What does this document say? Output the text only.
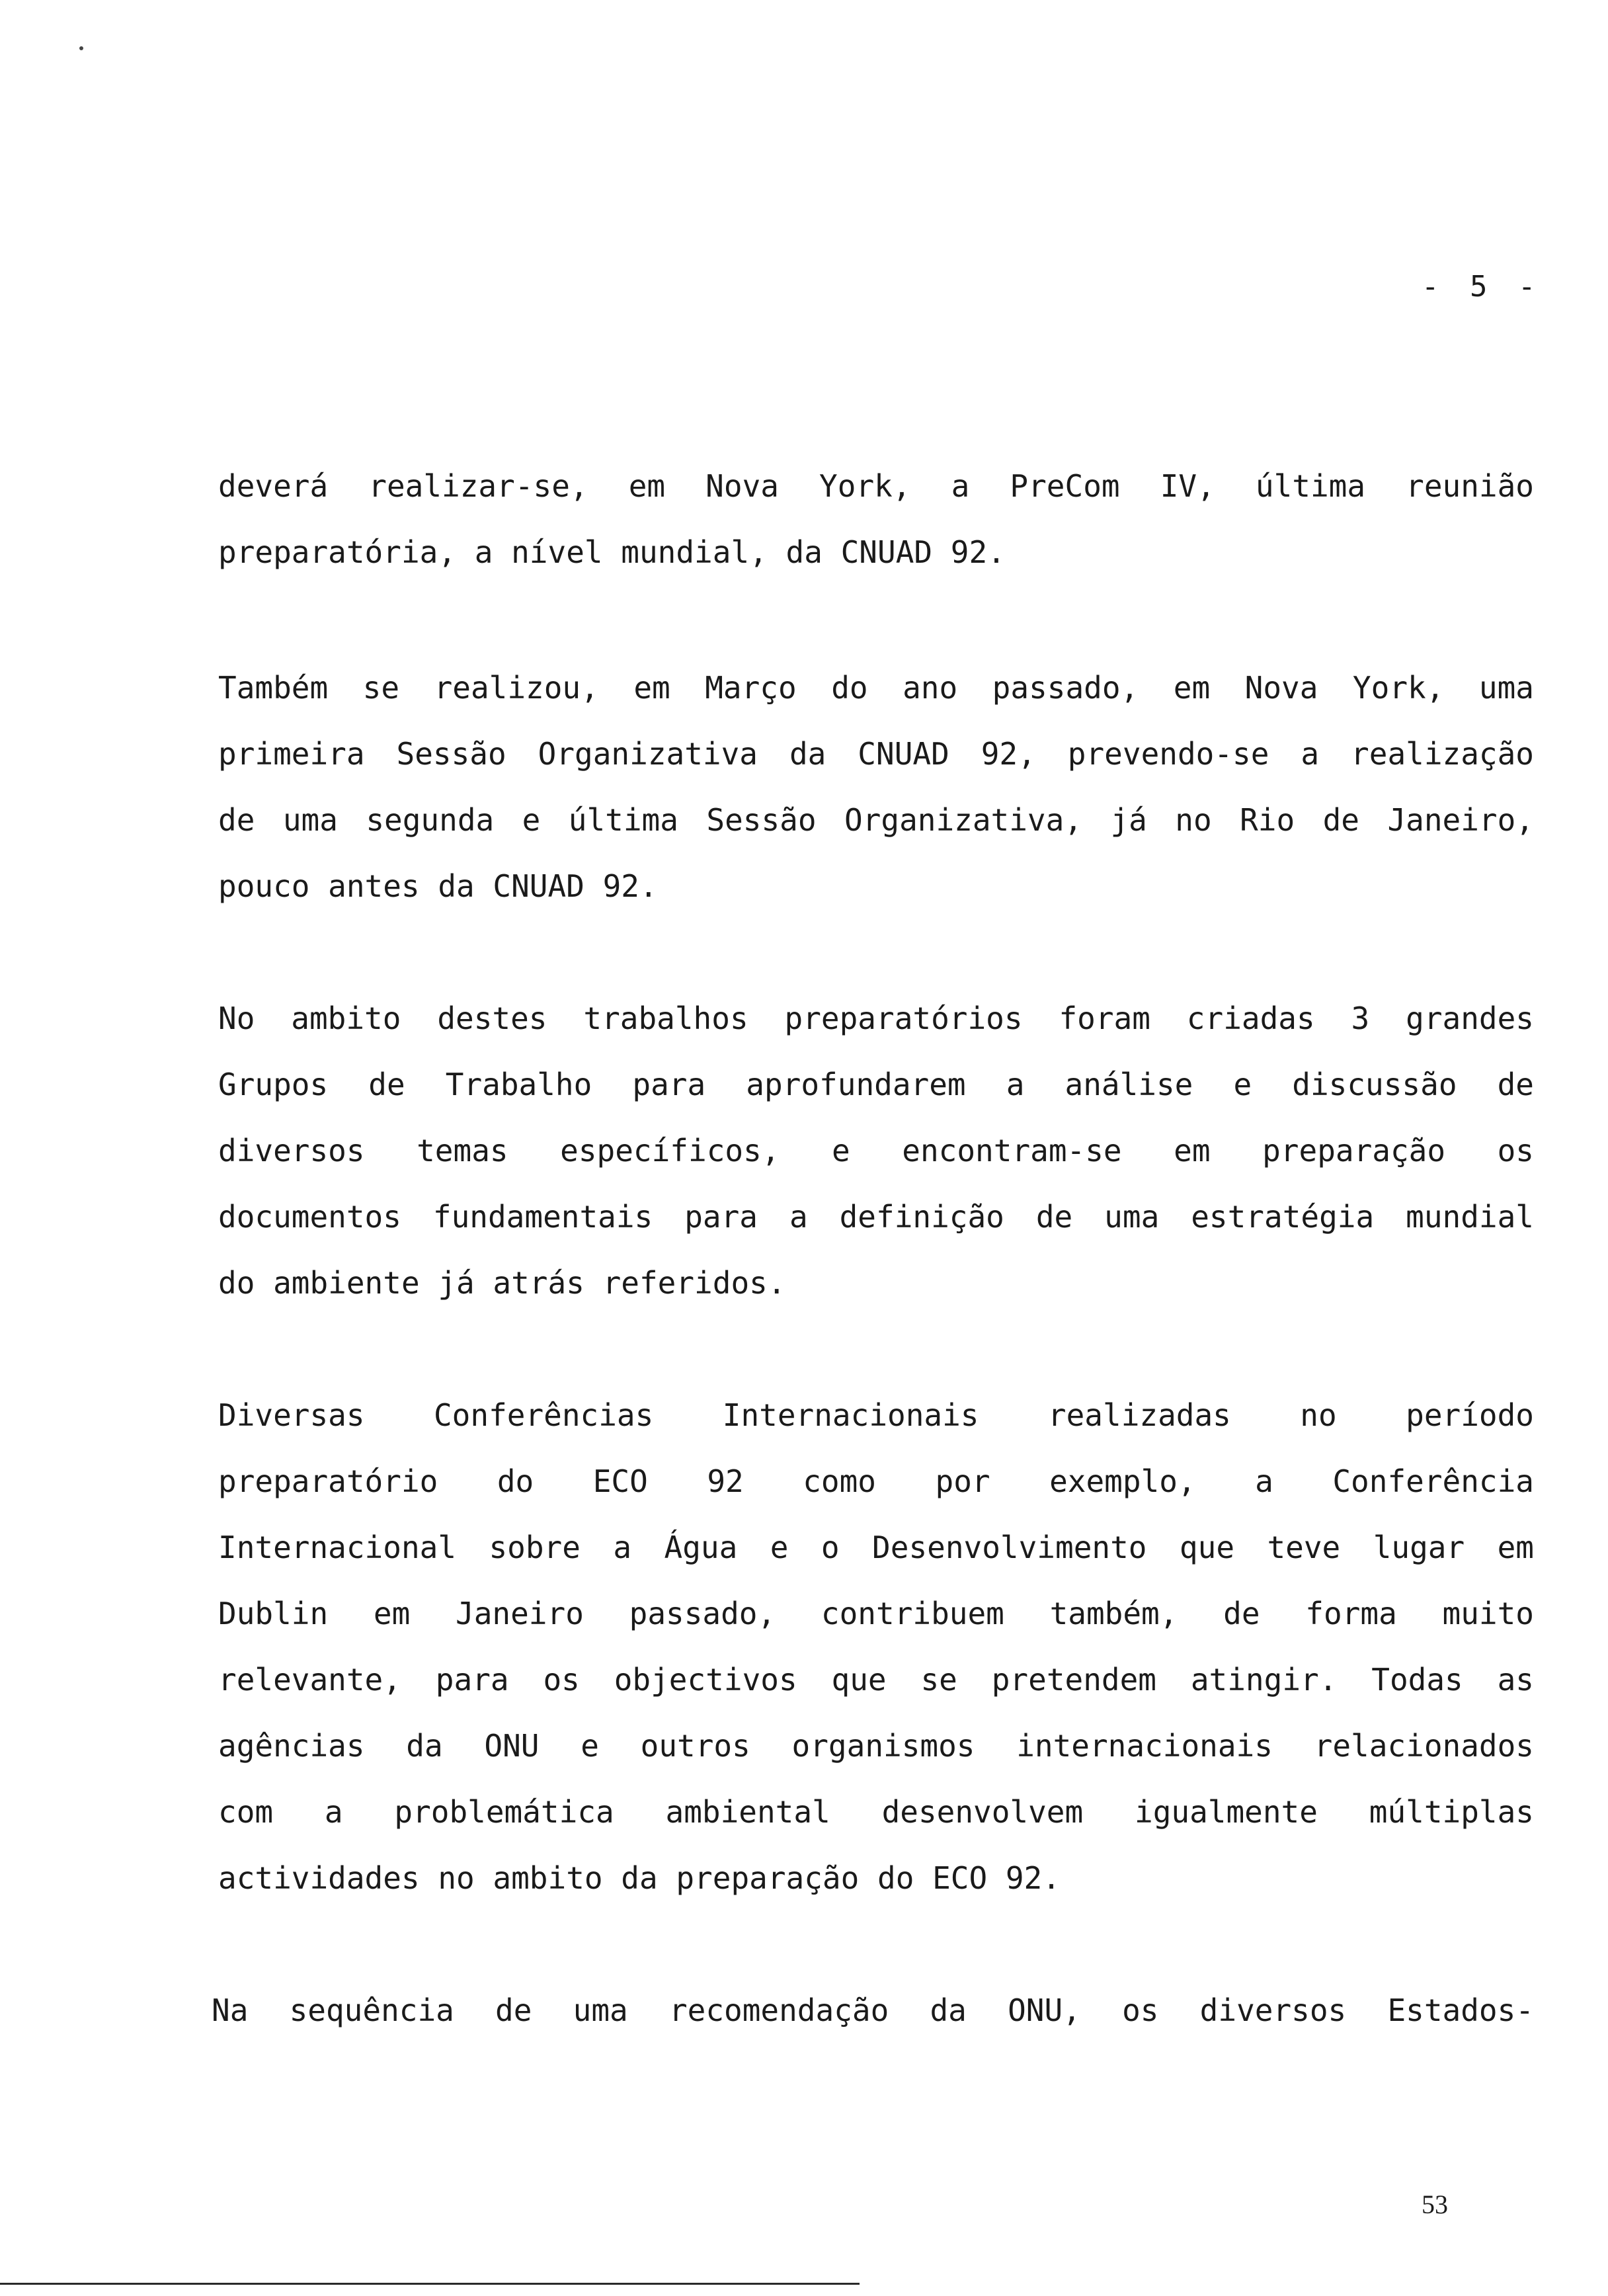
- 5 -
deverá realizar-se, em Nova York, a PreCom IV, última reunião
preparatória, a nível mundial, da CNUAD 92.
Também se realizou, em Março do ano passado, em Nova York, uma
primeira Sessão Organizativa da CNUAD 92, prevendo-se a realização
de uma segunda e última Sessão Organizativa, já no Rio de Janeiro,
pouco antes da CNUAD 92.
No ambito destes trabalhos preparatórios foram criadas 3 grandes
Grupos de Trabalho para aprofundarem a análise e discussão de
diversos temas específicos, e encontram-se em preparação os
documentos fundamentais para a definição de uma estratégia mundial
do ambiente já atrás referidos.
Diversas Conferências Internacionais realizadas no período
preparatório do ECO 92 como por exemplo, a Conferência
Internacional sobre a Água e o Desenvolvimento que teve lugar em
Dublin em Janeiro passado, contribuem também, de forma muito
relevante, para os objectivos que se pretendem atingir. Todas as
agências da ONU e outros organismos internacionais relacionados
com a problemática ambiental desenvolvem igualmente múltiplas
actividades no ambito da preparação do ECO 92.
Na sequência de uma recomendação da ONU, os diversos Estados-
53
